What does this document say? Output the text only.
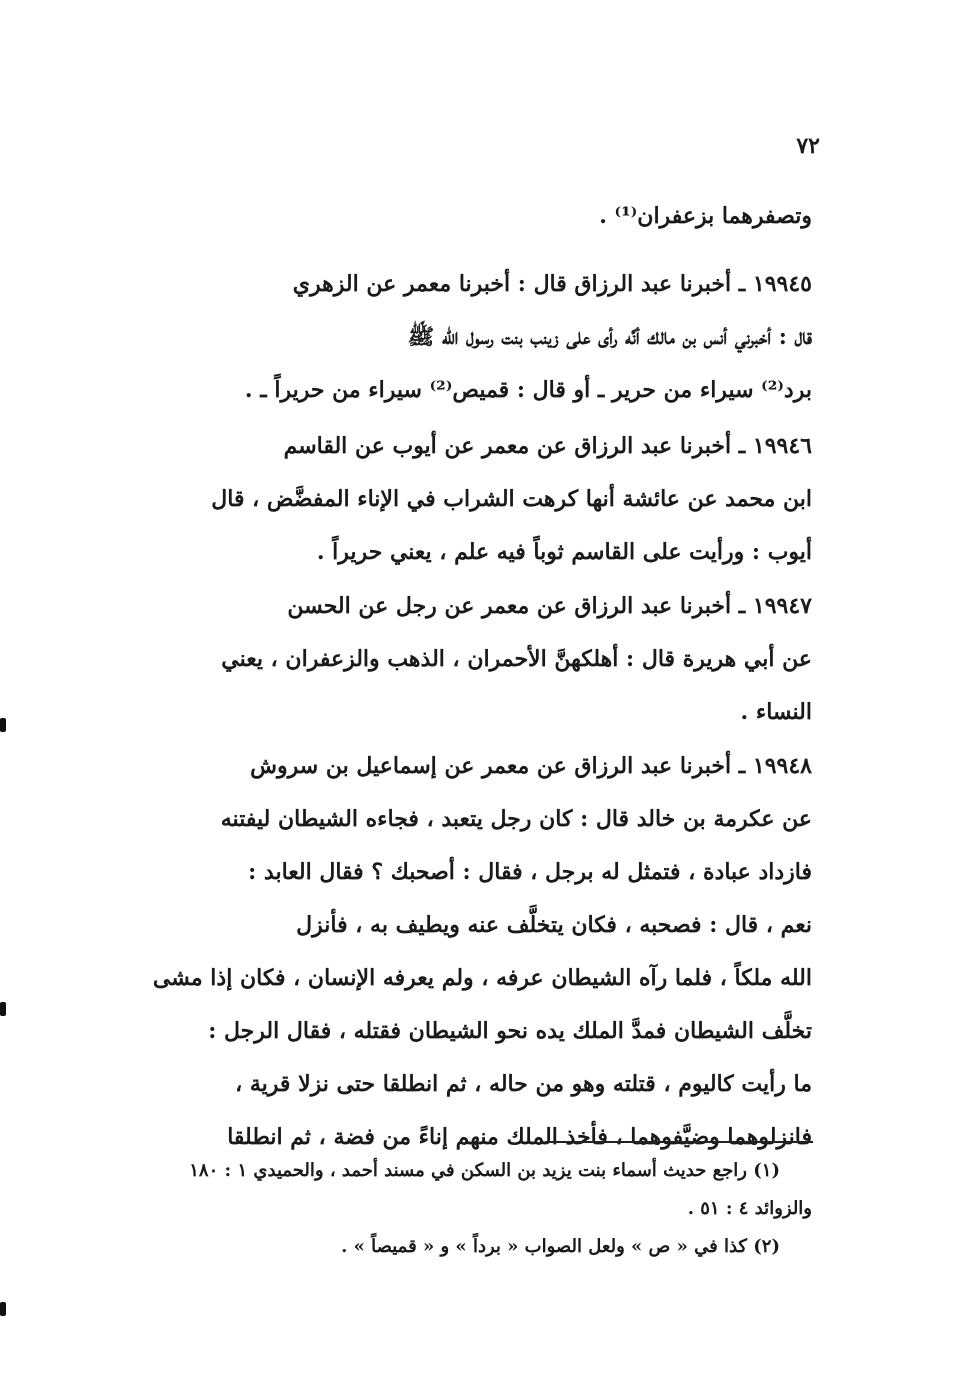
٧٢
وتصفرهما بزعفران⁽¹⁾ .
١٩٩٤٥ ـ أخبرنا عبد الرزاق قال : أخبرنا معمر عن الزهري
قال : أخبرني أنس بن مالك أنَّه رأى على زينب بنت رسول الله ﷺ
برد⁽²⁾ سيراء من حرير ـ أو قال : قميص⁽²⁾ سيراء من حريراً ـ .
١٩٩٤٦ ـ أخبرنا عبد الرزاق عن معمر عن أيوب عن القاسم
ابن محمد عن عائشة أنها كرهت الشراب في الإناء المفضَّض ، قال
أيوب : ورأيت على القاسم ثوباً فيه علم ، يعني حريراً .
١٩٩٤٧ ـ أخبرنا عبد الرزاق عن معمر عن رجل عن الحسن
عن أبي هريرة قال : أهلكهنَّ الأحمران ، الذهب والزعفران ، يعني
النساء .
١٩٩٤٨ ـ أخبرنا عبد الرزاق عن معمر عن إسماعيل بن سروش
عن عكرمة بن خالد قال : كان رجل يتعبد ، فجاءه الشيطان ليفتنه
فازداد عبادة ، فتمثل له برجل ، فقال : أصحبك ؟ فقال العابد :
نعم ، قال : فصحبه ، فكان يتخلَّف عنه ويطيف به ، فأنزل
الله ملكاً ، فلما رآه الشيطان عرفه ، ولم يعرفه الإنسان ، فكان إذا مشى
تخلَّف الشيطان فمدَّ الملك يده نحو الشيطان فقتله ، فقال الرجل :
ما رأيت كاليوم ، قتلته وهو من حاله ، ثم انطلقا حتى نزلا قرية ،
فانزلوهما وضيَّفوهما ، فأخذ الملك منهم إناءً من فضة ، ثم انطلقا
(١) راجع حديث أسماء بنت يزيد بن السكن في مسند أحمد ، والحميدي ١ : ١٨٠
والزوائد ٤ : ٥١ .
(٢) كذا في « ص » ولعل الصواب « برداً » و « قميصاً » .
